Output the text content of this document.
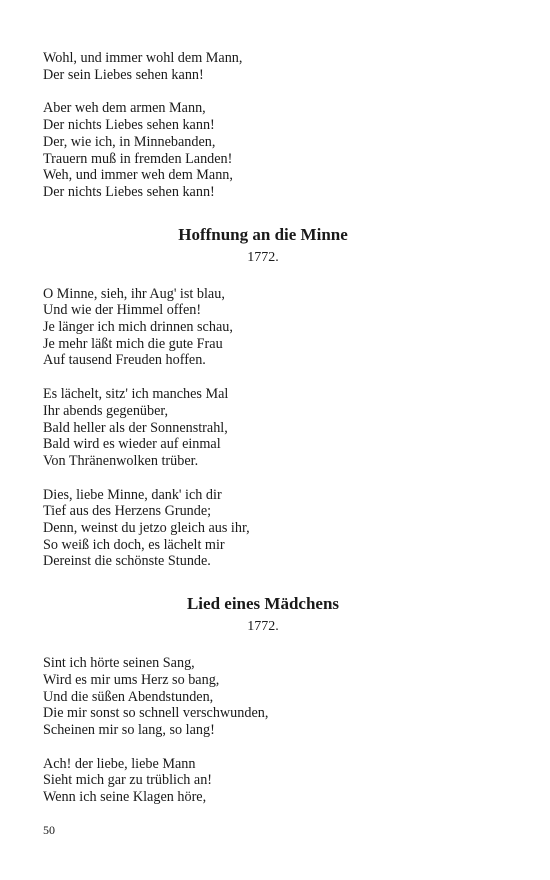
Wohl, und immer wohl dem Mann,
Der sein Liebes sehen kann!
Aber weh dem armen Mann,
Der nichts Liebes sehen kann!
Der, wie ich, in Minnebanden,
Trauern muß in fremden Landen!
Weh, und immer weh dem Mann,
Der nichts Liebes sehen kann!
Hoffnung an die Minne
1772.
O Minne, sieh, ihr Aug' ist blau,
Und wie der Himmel offen!
Je länger ich mich drinnen schau,
Je mehr läßt mich die gute Frau
Auf tausend Freuden hoffen.
Es lächelt, sitz' ich manches Mal
Ihr abends gegenüber,
Bald heller als der Sonnenstrahl,
Bald wird es wieder auf einmal
Von Thränenwolken trüber.
Dies, liebe Minne, dank' ich dir
Tief aus des Herzens Grunde;
Denn, weinst du jetzo gleich aus ihr,
So weiß ich doch, es lächelt mir
Dereinst die schönste Stunde.
Lied eines Mädchens
1772.
Sint ich hörte seinen Sang,
Wird es mir ums Herz so bang,
Und die süßen Abendstunden,
Die mir sonst so schnell verschwunden,
Scheinen mir so lang, so lang!
Ach! der liebe, liebe Mann
Sieht mich gar zu trüblich an!
Wenn ich seine Klagen höre,
50
